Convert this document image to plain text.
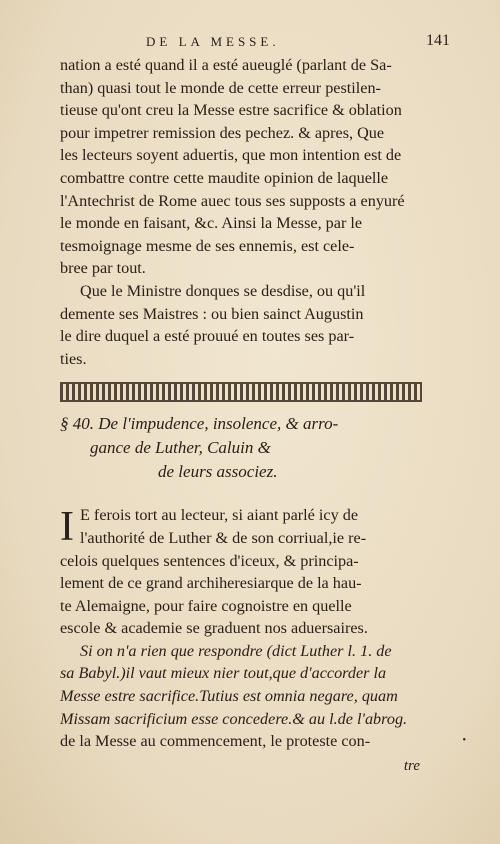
DE LA MESSE.	141

nation a esté quand il a esté aueuglé (parlant de Sa-

than) quasi tout le monde de cette erreur pestilen-

tieuse qu'ont creu la Messe estre sacrifice & oblation

pour impetrer remission des pechez. & apres, Que

les lecteurs soyent aduertis, que mon intention est de

combattre contre cette maudite opinion de laquelle

l'Antechrist de Rome auec tous ses supposts a enyuré

le monde en faisant, &c. Ainsi la Messe, par le

tesmoignage mesme de ses ennemis, est cele-

bree par tout.

Que le Ministre donques se desdise, ou qu'il

demente ses Maistres : ou bien sainct Augustin

le dire duquel a esté prouué en toutes ses par-

ties.

§ 40. De l'impudence, insolence, & arro-
gance de Luther, Caluin &
de leurs associez.
I E ferois tort au lecteur, si aiant parlé icy de

l'authorité de Luther & de son corriual,ie re-

celois quelques sentences d'iceux, & principa-

lement de ce grand archiheresiarque de la hau-

te Alemaigne, pour faire cognoistre en quelle

escole & academie se graduent nos aduersaires.

Si on n'a rien que respondre (dict Luther l. 1. de

sa Babyl.)il vaut mieux nier tout,que d'accorder la

Messe estre sacrifice.Tutius est omnia negare, quam

Missam sacrificium esse concedere.& au l.de l'abrog.

de la Messe au commencement, le proteste con-

tre
•
